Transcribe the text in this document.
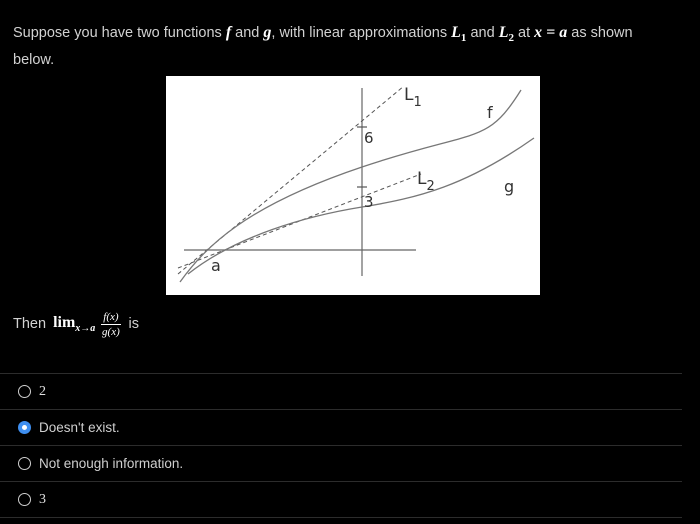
Suppose you have two functions f and g, with linear approximations $L_1$ and $L_2$ at x = a as shown below.
$L_1$
$L_2$
f
g
a
6
3
Then $\lim_{x\to a} \frac{f(x)}{g(x)}$ is
2
Doesn't exist.
Not enough information.
3
